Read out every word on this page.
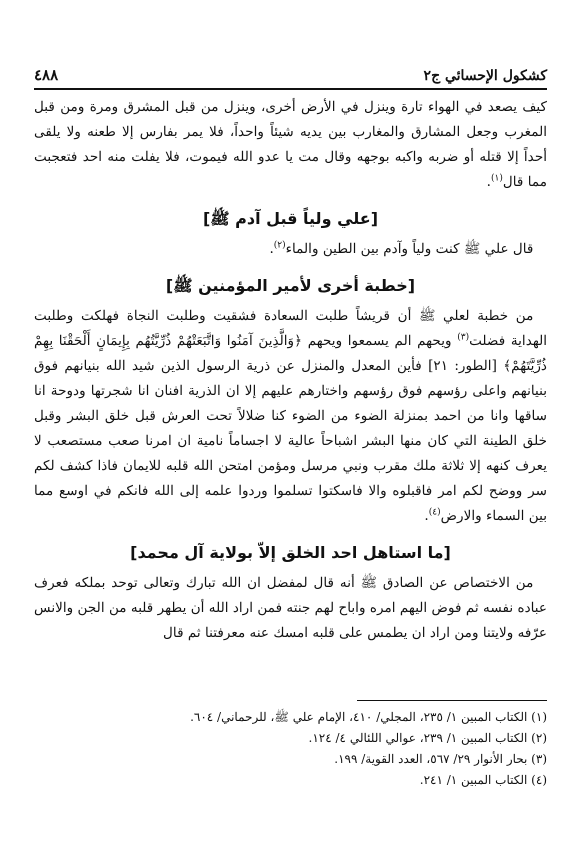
كشكول الإحسائي ج٢
٤٨٨

كيف يصعد في الهواء تارة وينزل في الأرض أخرى، وينزل من قبل المشرق ومرة ومن قبل المغرب وجعل المشارق والمغارب بين يديه شيئاً واحداً، فلا يمر بفارس إلا طعنه ولا يلقى أحداً إلا قتله أو ضربه واكبه بوجهه وقال مت يا عدو الله فيموت، فلا يفلت منه احد فتعجبت مما قال$^{(١)}$.

[علي ولياً قبل آدم ﷺ]

 قال علي ﷺ كنت ولياً وآدم بين الطين والماء$^{(٢)}$.

[خطبة أخرى لأمير المؤمنين ﷺ]

 من خطبة لعلي ﷺ أن قريشاً طلبت السعادة فشقيت وطلبت النجاة فهلكت وطلبت الهداية فضلت$^{(٣)}$ ويحهم الم يسمعوا ويحهم ﴿وَالَّذِينَ آمَنُوا وَاتَّبَعَتْهُمْ ذُرِّيَّتُهُم بِإِيمَانٍ أَلْحَقْنَا بِهِمْ ذُرِّيَّتَهُمْ﴾ [الطور: ٢١] فأين المعدل والمنزل عن ذرية الرسول الذين شيد الله بنيانهم فوق بنيانهم واعلى رؤسهم فوق رؤسهم واختارهم عليهم إلا ان الذرية افنان انا شجرتها ودوحة انا ساقها وانا من احمد بمنزلة الضوء من الضوء كنا ضلالاً تحت العرش قبل خلق البشر وقبل خلق الطينة التي كان منها البشر اشباحاً عالية لا اجساماً نامية ان امرنا صعب مستصعب لا يعرف كنهه إلا ثلاثة ملك مقرب ونبي مرسل ومؤمن امتحن الله قلبه للايمان فاذا كشف لكم سر ووضح لكم امر فاقبلوه والا فاسكتوا تسلموا وردوا علمه إلى الله فانكم في اوسع مما بين السماء والارض$^{(٤)}$.

[ما استاهل احد الخلق إلاّ بولاية آل محمد]

 من الاختصاص عن الصادق ﷺ أنه قال لمفضل ان الله تبارك وتعالى توحد بملكه فعرف عباده نفسه ثم فوض اليهم امره واباح لهم جنته فمن اراد الله أن يطهر قلبه من الجن والانس عرّفه ولايتنا ومن اراد ان يطمس على قلبه امسك عنه معرفتنا ثم قال

(١) الكتاب المبين ١/ ٢٣٥، المجلي/ ٤١٠، الإمام علي ﷺ، للرحماني/ ٦٠٤.

(٢) الكتاب المبين ١/ ٢٣٩، عوالي اللئالي ٤/ ١٢٤.

(٣) بحار الأنوار ٢٩/ ٥٦٧، العدد القوية/ ١٩٩.

(٤) الكتاب المبين ١/ ٢٤١.
